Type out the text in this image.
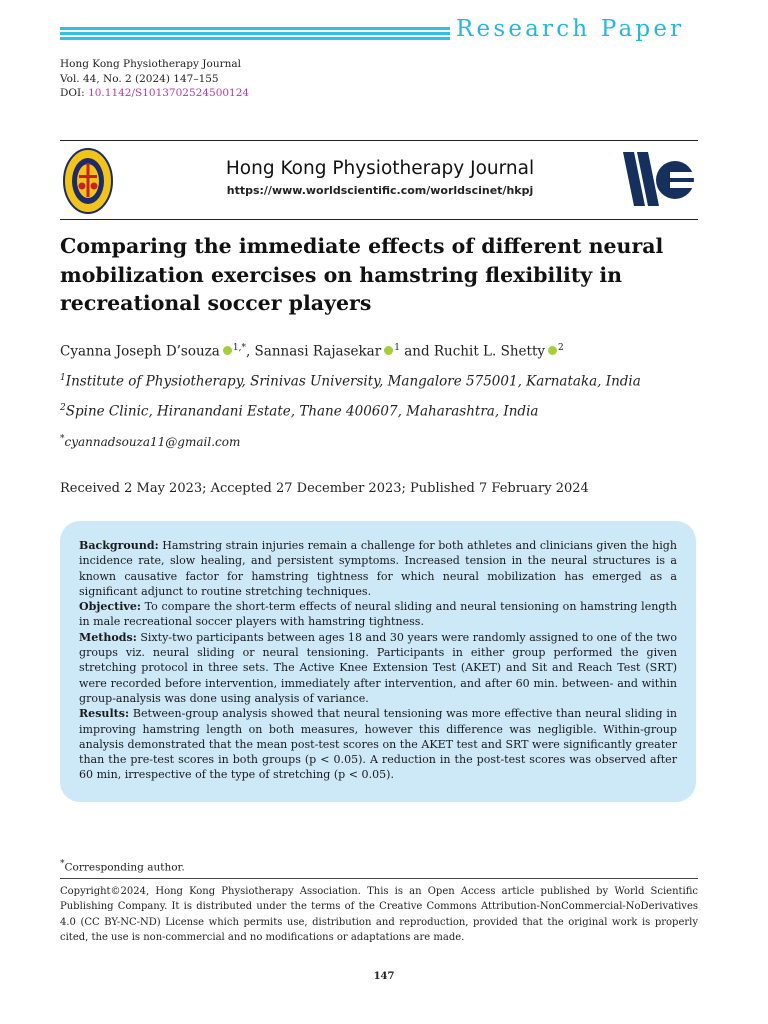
Research Paper
Hong Kong Physiotherapy Journal
Vol. 44, No. 2 (2024) 147–155
DOI: 10.1142/S1013702524500124
Hong Kong Physiotherapy Journal
https://www.worldscientific.com/worldscinet/hkpj
Comparing the immediate effects of different neural
mobilization exercises on hamstring flexibility in
recreational soccer players
Cyanna Joseph D’souza $^{1,*}$, Sannasi Rajasekar $^1$ and Ruchit L. Shetty $^2$
$^1$Institute of Physiotherapy, Srinivas University, Mangalore 575001, Karnataka, India
$^2$Spine Clinic, Hiranandani Estate, Thane 400607, Maharashtra, India
*cyannadsouza11@gmail.com
Received 2 May 2023; Accepted 27 December 2023; Published 7 February 2024

Background: Hamstring strain injuries remain a challenge for both athletes and clinicians given the high incidence rate, slow healing, and persistent symptoms. Increased tension in the neural structures is a known causative factor for hamstring tightness for which neural mobilization has emerged as a significant adjunct to routine stretching techniques.

Objective: To compare the short-term effects of neural sliding and neural tensioning on hamstring length in male recreational soccer players with hamstring tightness.

Methods: Sixty-two participants between ages 18 and 30 years were randomly assigned to one of the two groups viz. neural sliding or neural tensioning. Participants in either group performed the given stretching protocol in three sets. The Active Knee Extension Test (AKET) and Sit and Reach Test (SRT) were recorded before intervention, immediately after intervention, and after 60 min. between- and within group-analysis was done using analysis of variance.

Results: Between-group analysis showed that neural tensioning was more effective than neural sliding in improving hamstring length on both measures, however this difference was negligible. Within-group analysis demonstrated that the mean post-test scores on the AKET test and SRT were significantly greater than the pre-test scores in both groups (p < 0.05). A reduction in the post-test scores was observed after 60 min, irrespective of the type of stretching (p < 0.05).

*Corresponding author.
Copyright©2024, Hong Kong Physiotherapy Association. This is an Open Access article published by World Scientific Publishing Company. It is distributed under the terms of the Creative Commons Attribution-NonCommercial-NoDerivatives 4.0 (CC BY-NC-ND) License which permits use, distribution and reproduction, provided that the original work is properly cited, the use is non-commercial and no modifications or adaptations are made.
147
